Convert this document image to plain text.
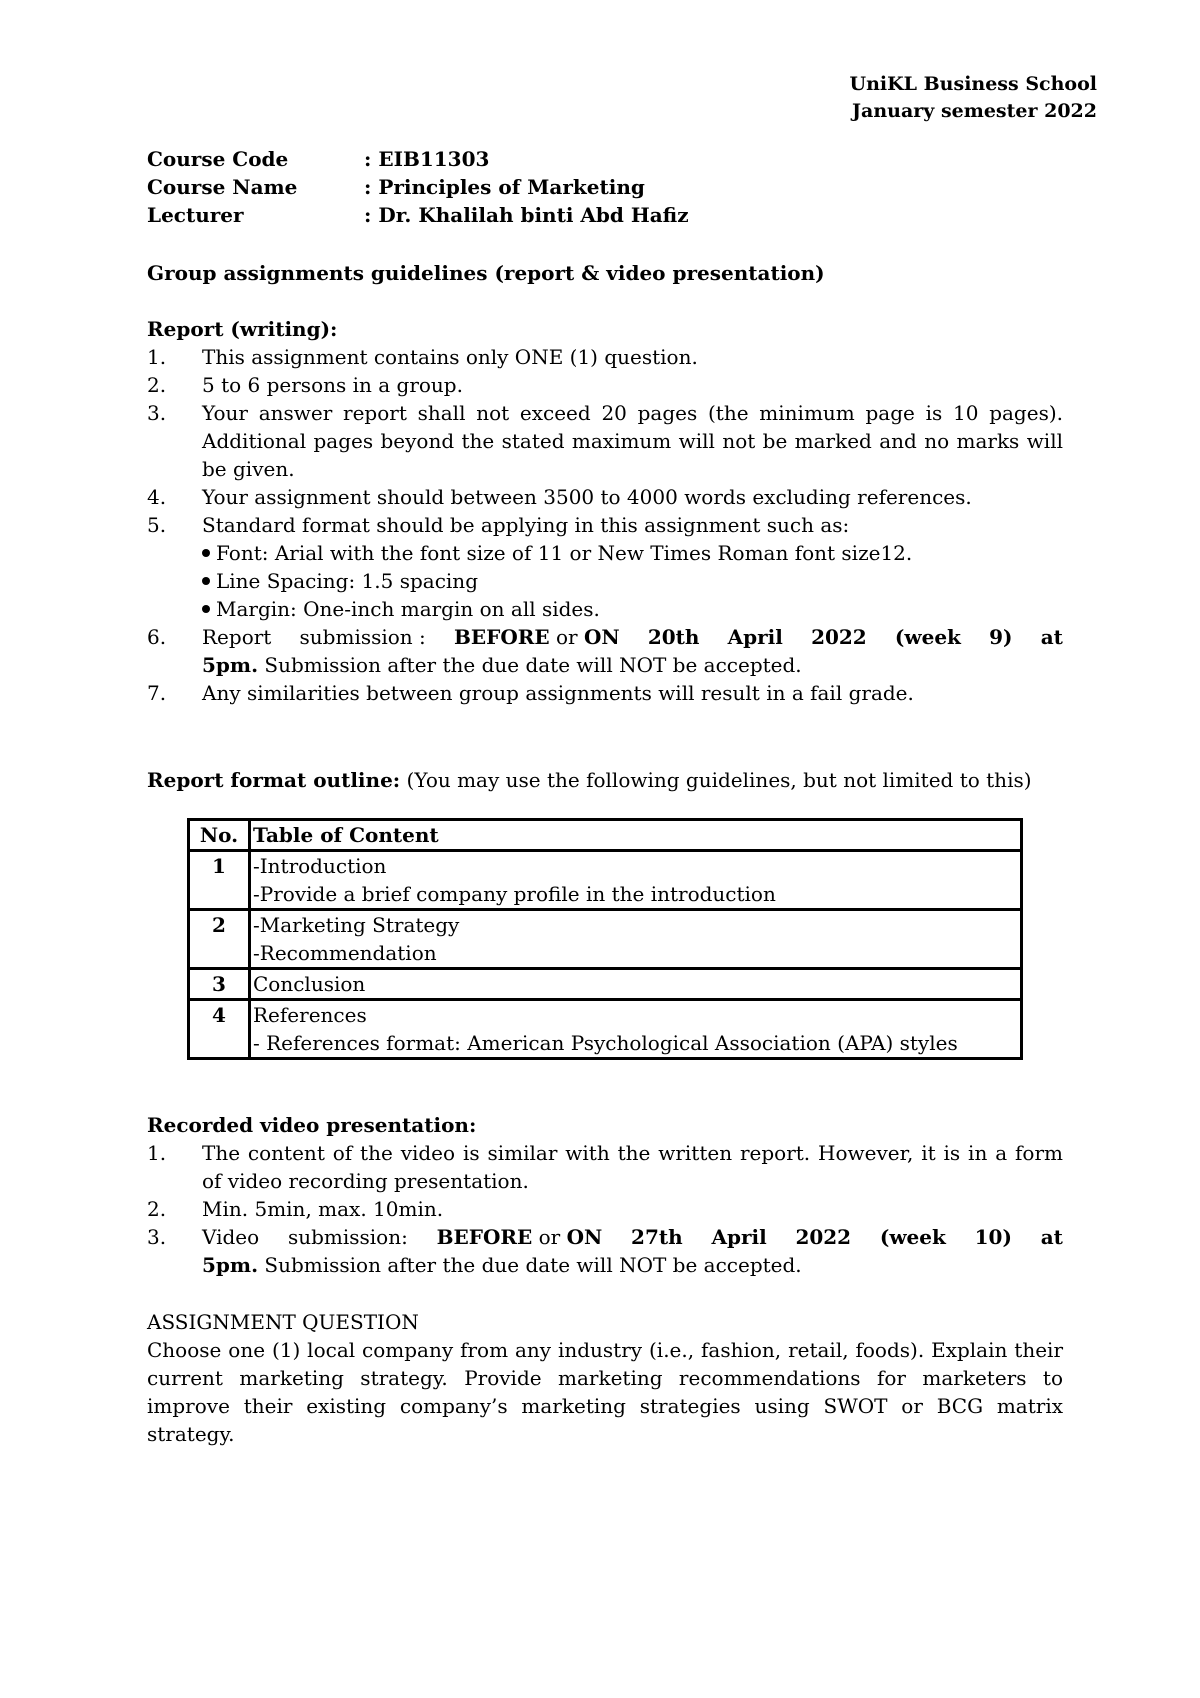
UniKL Business School
January semester 2022
Course Code	: EIB11303
Course Name	: Principles of Marketing
Lecturer	: Dr. Khalilah binti Abd Hafiz
Group assignments guidelines (report & video presentation)
Report (writing):
1.	This assignment contains only ONE (1) question.
2.	5 to 6 persons in a group.
3.	Your answer report shall not exceed 20 pages (the minimum page is 10 pages). Additional pages beyond the stated maximum will not be marked and no marks will be given.
4.	Your assignment should between 3500 to 4000 words excluding references.
5.	Standard format should be applying in this assignment such as:
Font: Arial with the font size of 11 or New Times Roman font size12.
Line Spacing: 1.5 spacing
Margin: One-inch margin on all sides.
6.	Report submission : BEFORE or ON 20th April 2022 (week 9) at
5pm. Submission after the due date will NOT be accepted.
7.	Any similarities between group assignments will result in a fail grade.
Report format outline: (You may use the following guidelines, but not limited to this)
No.	Table of Content
1	-Introduction
-Provide a brief company profile in the introduction

2	-Marketing Strategy
-Recommendation

3	Conclusion

4	References
- References format: American Psychological Association (APA) styles
Recorded video presentation:
1.	The content of the video is similar with the written report. However, it is in a form of video recording presentation.
2.	Min. 5min, max. 10min.
3.	Video submission: BEFORE or ON 27th April 2022 (week 10) at
5pm. Submission after the due date will NOT be accepted.
ASSIGNMENT QUESTION
Choose one (1) local company from any industry (i.e., fashion, retail, foods). Explain their current marketing strategy. Provide marketing recommendations for marketers to improve their existing company’s marketing strategies using SWOT or BCG matrix strategy.
